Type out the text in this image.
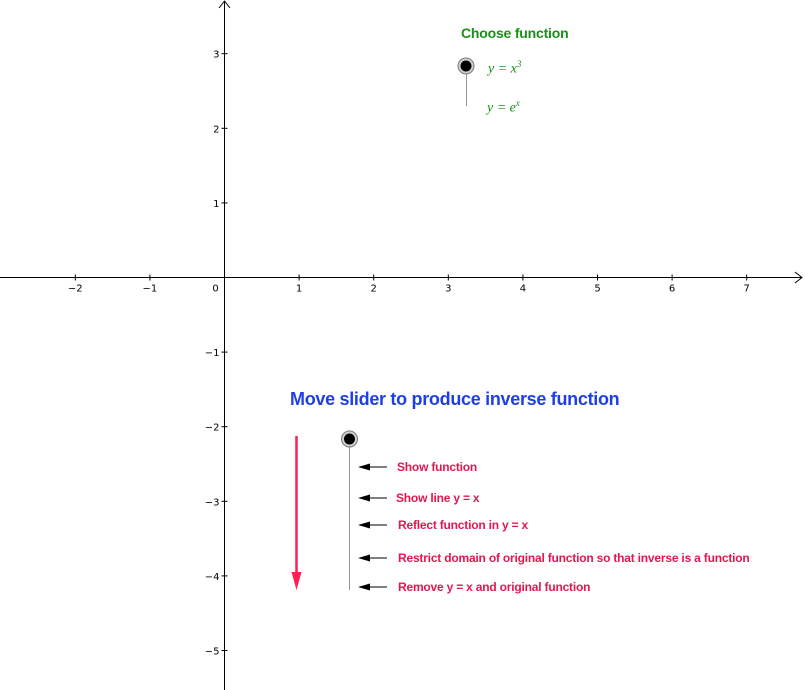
−2	−1	0	1	2	3	4	5	6	7
3
2
1
−1
−2
−3
−4
−5
Choose function
$y = x^3$
$y = e^x$
Move slider to produce inverse function
Show function
Show line y = x
Reflect function in y = x
Restrict domain of original function so that inverse is a function
Remove y = x and original function
